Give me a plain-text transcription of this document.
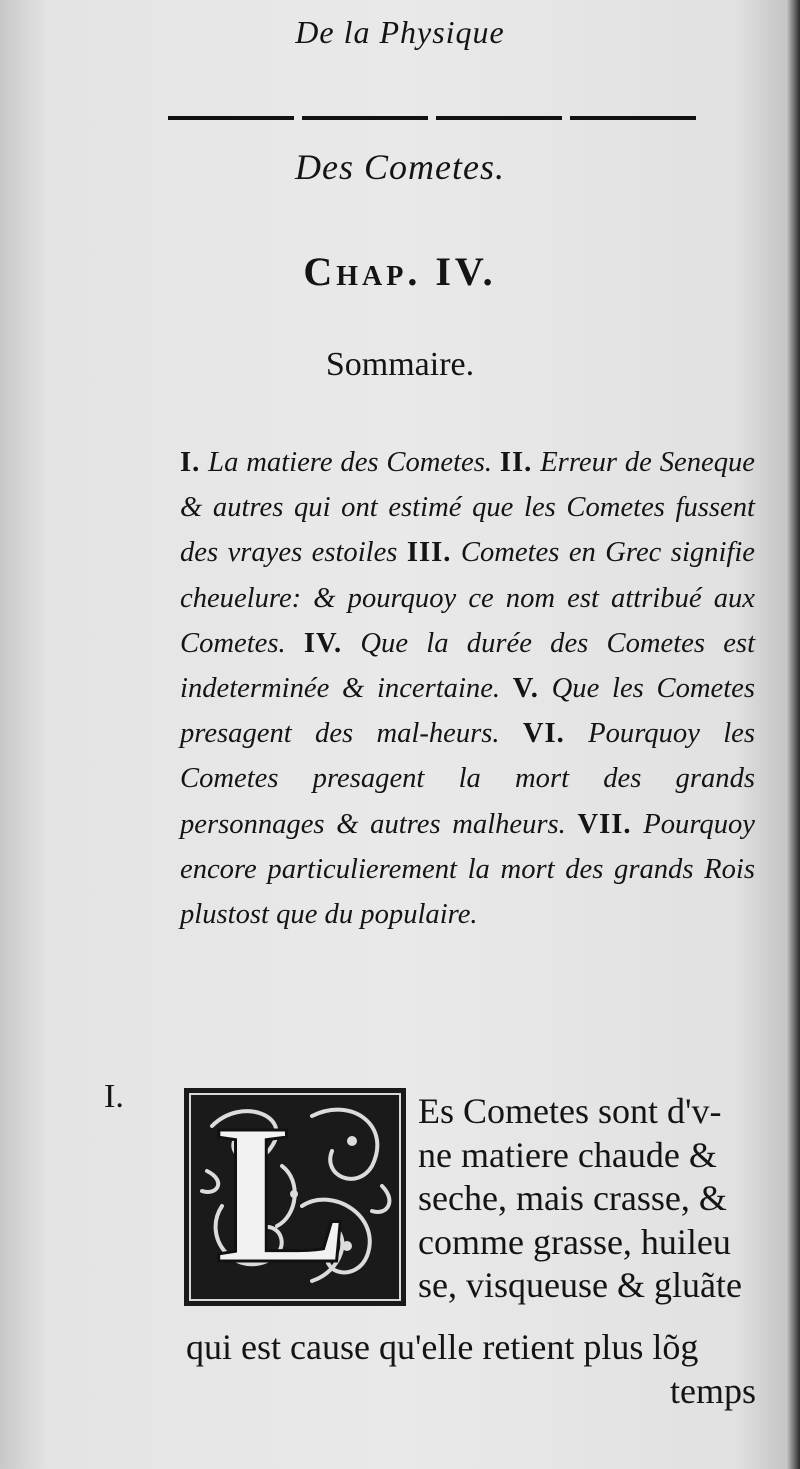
De la Physique
Des Cometes.
Chap. IV.
Sommaire.
I. La matiere des Cometes. II. Erreur de Seneque & autres qui ont estimé que les Cometes fussent des vrayes estoiles III. Cometes en Grec signifie cheuelure: & pourquoy ce nom est attribué aux Cometes. IV. Que la durée des Cometes est indeterminée & incertaine. V. Que les Cometes presagent des mal-heurs. VI. Pourquoy les Cometes presagent la mort des grands personnages & autres malheurs. VII. Pourquoy encore particulierement la mort des grands Rois plustost que du populaire.
I. L Es Cometes sont d'v-
ne matiere chaude &
seche, mais crasse, &
comme grasse, huileu
se, visqueuse & gluãte
qui est cause qu'elle retient plus lõg
temps
